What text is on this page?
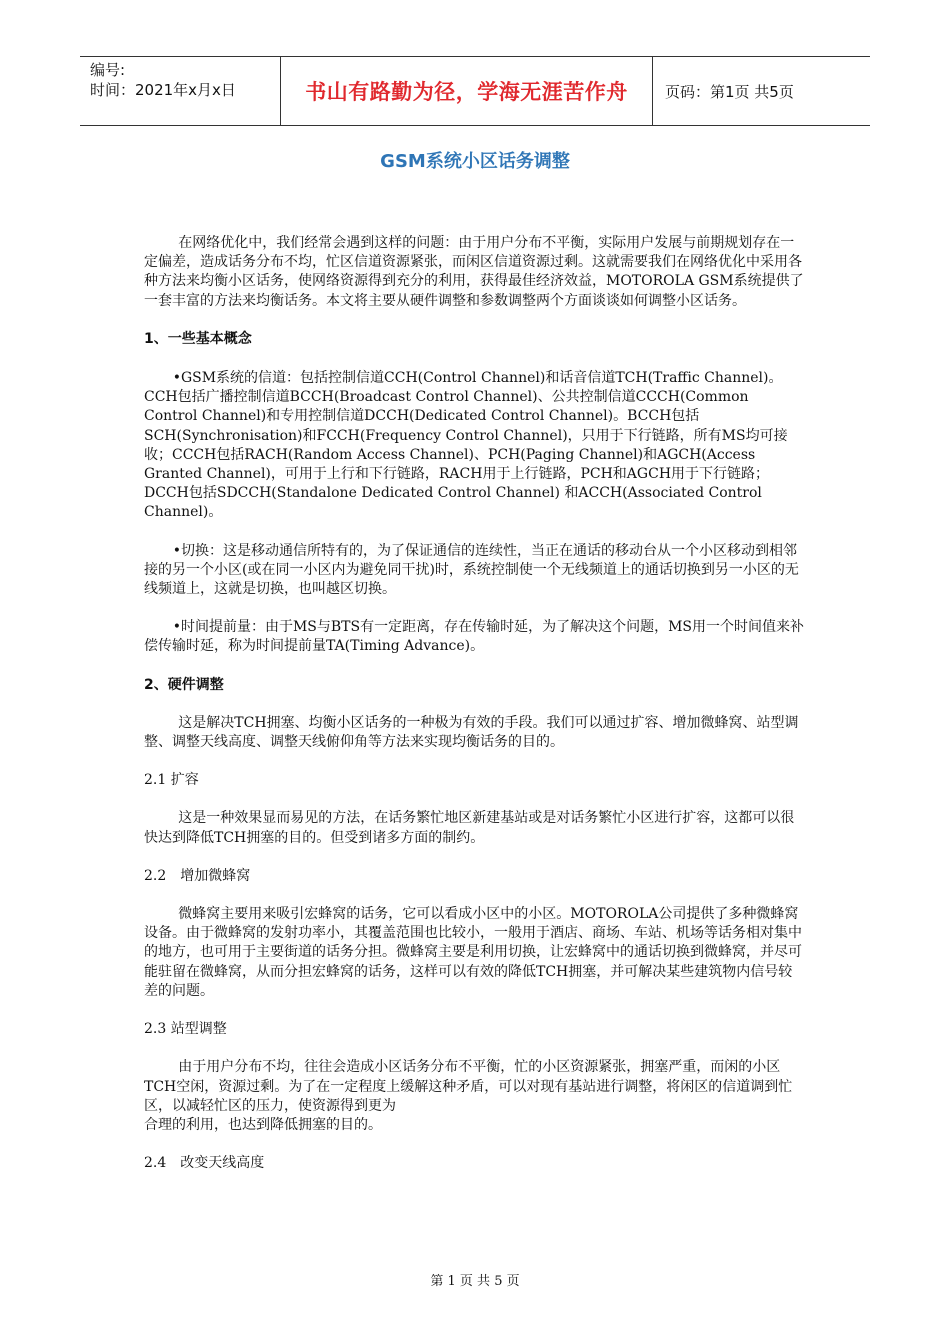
编号:
时间：2021年x月x日	书山有路勤为径，学海无涯苦作舟	页码：第1页 共5页
GSM系统小区话务调整

在网络优化中，我们经常会遇到这样的问题：由于用户分布不平衡，实际用户发展与前期规划存在一定偏差，造成话务分布不均，忙区信道资源紧张，而闲区信道资源过剩。这就需要我们在网络优化中采用各种方法来均衡小区话务，使网络资源得到充分的利用，获得最佳经济效益，MOTOROLA GSM系统提供了一套丰富的方法来均衡话务。本文将主要从硬件调整和参数调整两个方面谈谈如何调整小区话务。

1、一些基本概念

•GSM系统的信道：包括控制信道CCH(Control Channel)和话音信道TCH(Traffic Channel)。CCH包括广播控制信道BCCH(Broadcast Control Channel)、公共控制信道CCCH(Common Control Channel)和专用控制信道DCCH(Dedicated Control Channel)。BCCH包括SCH(Synchronisation)和FCCH(Frequency Control Channel)，只用于下行链路，所有MS均可接收；CCCH包括RACH(Random Access Channel)、PCH(Paging Channel)和AGCH(Access Granted Channel)，可用于上行和下行链路，RACH用于上行链路，PCH和AGCH用于下行链路；DCCH包括SDCCH(Standalone Dedicated Control Channel) 和ACCH(Associated Control Channel)。

•切换：这是移动通信所特有的，为了保证通信的连续性，当正在通话的移动台从一个小区移动到相邻接的另一个小区(或在同一小区内为避免同干扰)时，系统控制使一个无线频道上的通话切换到另一小区的无线频道上，这就是切换，也叫越区切换。

•时间提前量：由于MS与BTS有一定距离，存在传输时延，为了解决这个问题，MS用一个时间值来补偿传输时延，称为时间提前量TA(Timing Advance)。

2、硬件调整

这是解决TCH拥塞、均衡小区话务的一种极为有效的手段。我们可以通过扩容、增加微蜂窝、站型调整、调整天线高度、调整天线俯仰角等方法来实现均衡话务的目的。

2.1 扩容

这是一种效果显而易见的方法，在话务繁忙地区新建基站或是对话务繁忙小区进行扩容，这都可以很快达到降低TCH拥塞的目的。但受到诸多方面的制约。

2.2　增加微蜂窝

微蜂窝主要用来吸引宏蜂窝的话务，它可以看成小区中的小区。MOTOROLA公司提供了多种微蜂窝设备。由于微蜂窝的发射功率小，其覆盖范围也比较小，一般用于酒店、商场、车站、机场等话务相对集中的地方，也可用于主要街道的话务分担。微蜂窝主要是利用切换，让宏蜂窝中的通话切换到微蜂窝，并尽可能驻留在微蜂窝，从而分担宏蜂窝的话务，这样可以有效的降低TCH拥塞，并可解决某些建筑物内信号较差的问题。

2.3 站型调整

由于用户分布不均，往往会造成小区话务分布不平衡，忙的小区资源紧张，拥塞严重，而闲的小区TCH空闲，资源过剩。为了在一定程度上缓解这种矛盾，可以对现有基站进行调整，将闲区的信道调到忙区，以减轻忙区的压力，使资源得到更为

合理的利用，也达到降低拥塞的目的。

2.4　改变天线高度

第 1 页 共 5 页
